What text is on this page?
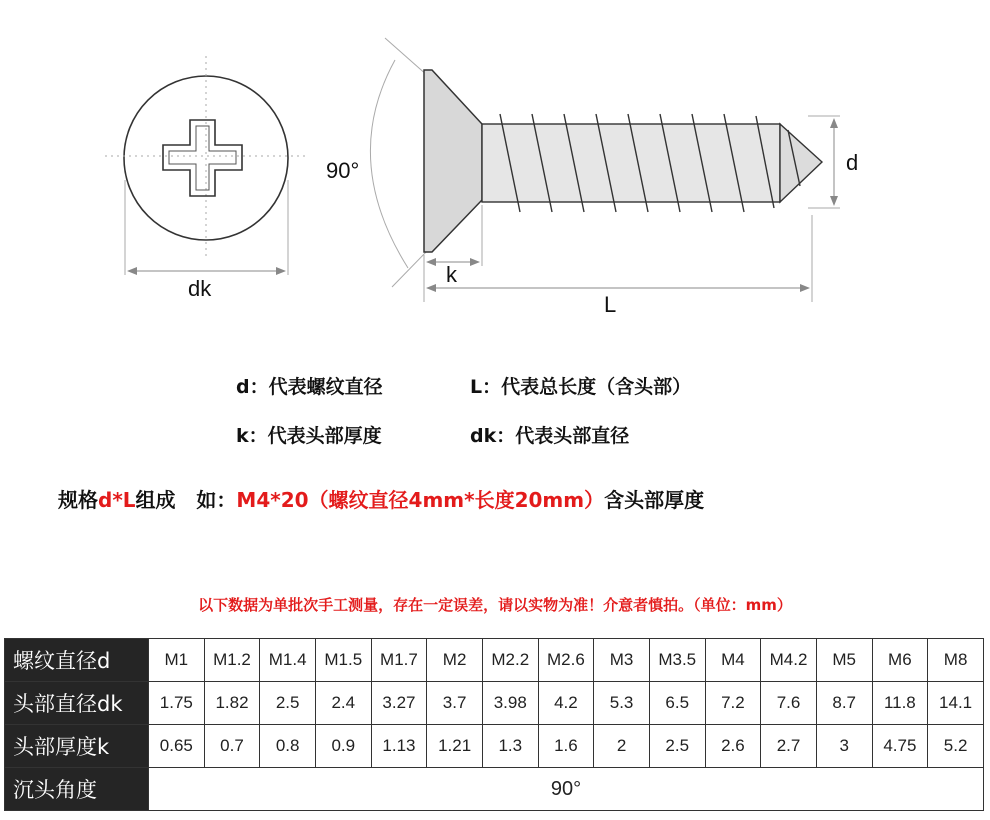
dk
90°
k
L
d
d：代表螺纹直径	L：代表总长度（含头部）
k：代表头部厚度	dk：代表头部直径
规格d*L组成 如：M4*20（螺纹直径4mm*长度20mm）含头部厚度
以下数据为单批次手工测量，存在一定误差，请以实物为准！介意者慎拍。（单位：mm）
螺纹直径d	M1	M1.2	M1.4	M1.5	M1.7	M2	M2.2	M2.6	M3	M3.5	M4	M4.2	M5	M6	M8
头部直径dk	1.75	1.82	2.5	2.4	3.27	3.7	3.98	4.2	5.3	6.5	7.2	7.6	8.7	11.8	14.1
头部厚度k	0.65	0.7	0.8	0.9	1.13	1.21	1.3	1.6	2	2.5	2.6	2.7	3	4.75	5.2
沉头角度	90°														
